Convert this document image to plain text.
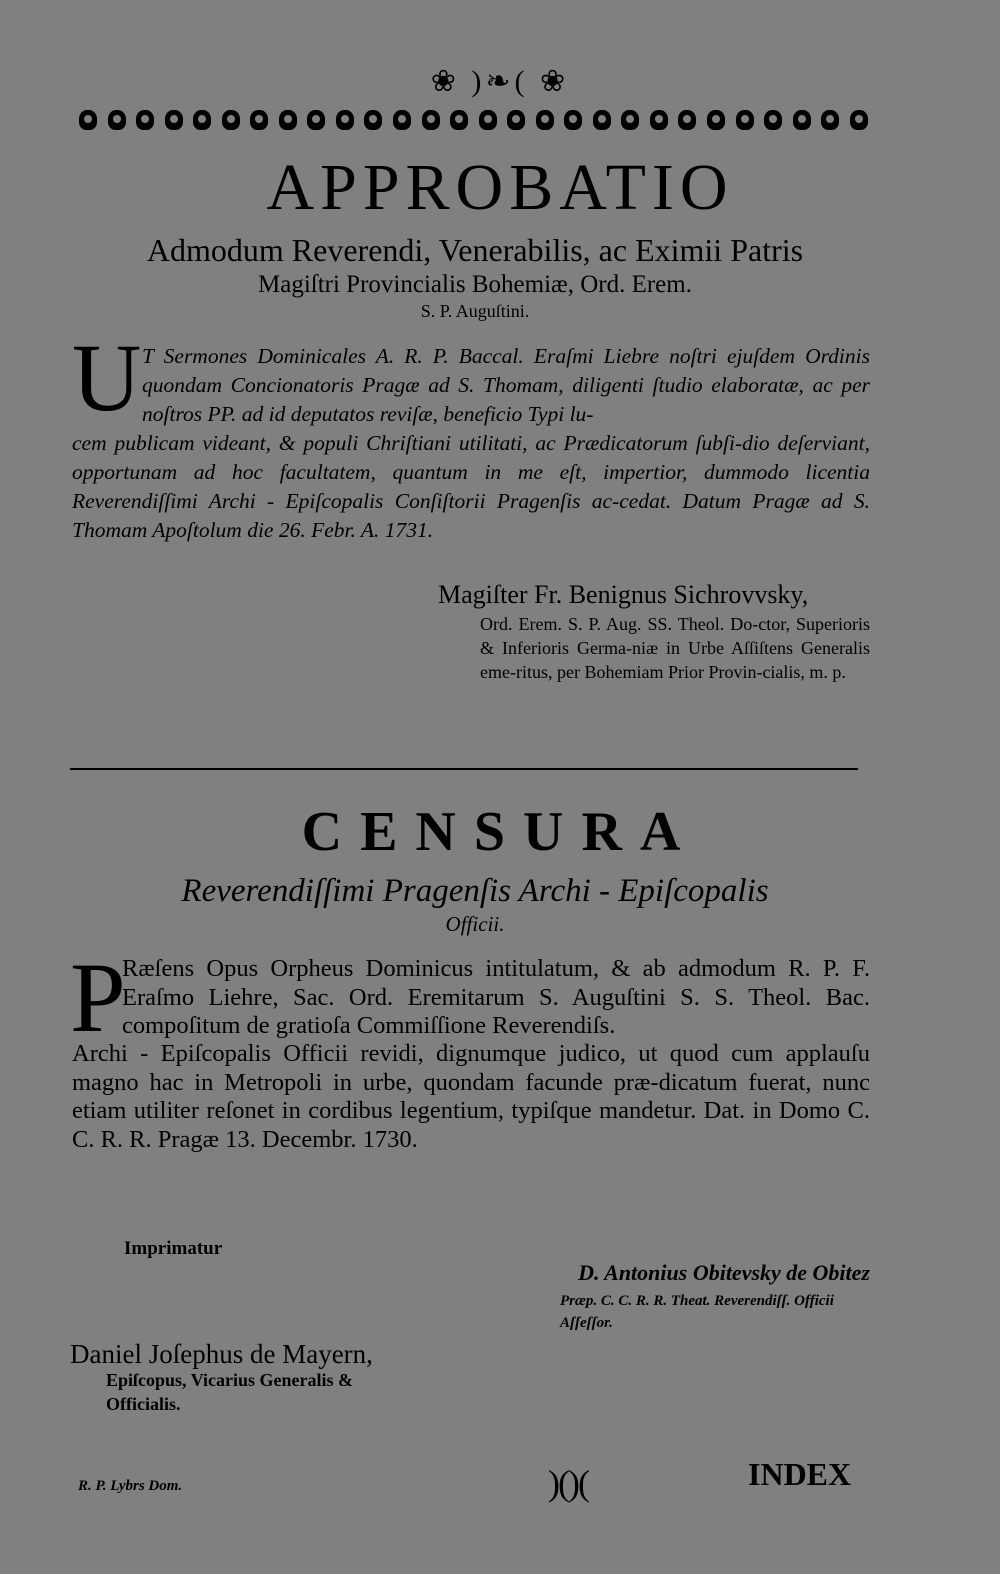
❀ )❧( ❀
APPROBATIO
Admodum Reverendi, Venerabilis, ac Eximii Patris
Magiſtri Provincialis Bohemiæ, Ord. Erem.
S. P. Auguſtini.
U T Sermones Dominicales A. R. P. Baccal. Eraſmi Liebre noſtri ejuſdem Ordinis quondam Concionatoris Pragæ ad S. Thomam, diligenti ſtudio elaboratæ, ac per noſtros PP. ad id deputatos reviſæ, beneficio Typi lu-
cem publicam videant, & populi Chriſtiani utilitati, ac Prædicatorum ſubſi-dio deſerviant, opportunam ad hoc facultatem, quantum in me eſt, impertior, dummodo licentia Reverendiſſimi Archi - Epiſcopalis Conſiſtorii Pragenſis ac-cedat. Datum Pragæ ad S. Thomam Apoſtolum die 26. Febr. A. 1731.
Magiſter Fr. Benignus Sichrovvsky,
Ord. Erem. S. P. Aug. SS. Theol. Do-ctor, Superioris & Inferioris Germa-niæ in Urbe Aſſiſtens Generalis eme-ritus, per Bohemiam Prior Provin-cialis, m. p.
CENSURA
Reverendiſſimi Pragenſis Archi - Epiſcopalis
Officii.
P
Ræſens Opus Orpheus Dominicus intitulatum, & ab admodum R. P. F. Eraſmo Liehre, Sac. Ord. Eremitarum S. Auguſtini S. S. Theol. Bac. compoſitum de gratioſa Commiſſione Reverendiſs.
Archi - Epiſcopalis Officii revidi, dignumque judico, ut quod cum applauſu magno hac in Metropoli in urbe, quondam facunde præ-dicatum fuerat, nunc etiam utiliter reſonet in cordibus legentium, typiſque mandetur. Dat. in Domo C. C. R. R. Pragæ 13. Decembr. 1730.
Imprimatur
D. Antonius Obitevsky de Obitez
Præp. C. C. R. R. Theat. Reverendiſſ. Officii Aſſeſſor.
Daniel Joſephus de Mayern,
Epiſcopus, Vicarius Generalis & Officialis.
R. P. Lybrs Dom.	)()(	INDEX
